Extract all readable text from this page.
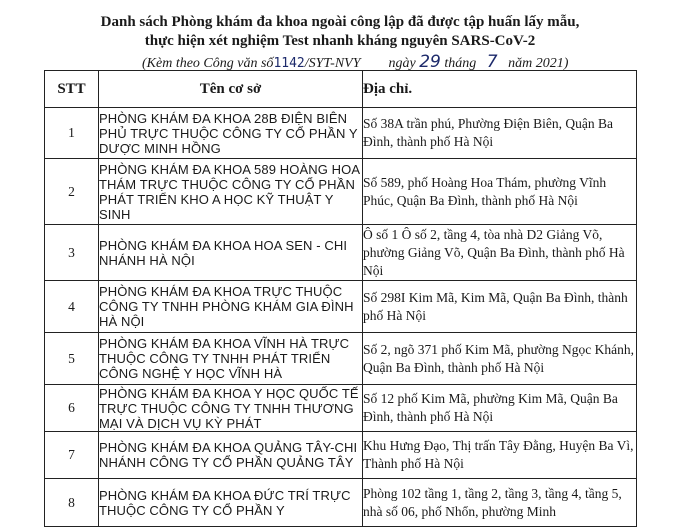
Danh sách Phòng khám đa khoa ngoài công lập đã được tập huấn lấy mẫu,
thực hiện xét nghiệm Test nhanh kháng nguyên SARS-CoV-2
(Kèm theo Công văn số1142/SYT-NVY ngày 29 tháng 7 năm 2021)
STT	Tên cơ sở	Địa chỉ.
1	PHÒNG KHÁM ĐA KHOA 28B ĐIỆN BIÊN PHỦ TRỰC THUỘC CÔNG TY CỔ PHẦN Y DƯỢC MINH HỒNG	Số 38A trần phú, Phường Điện Biên, Quận Ba Đình, thành phố Hà Nội
2	PHÒNG KHÁM ĐA KHOA 589 HOÀNG HOA THÁM TRỰC THUỘC CÔNG TY CỔ PHẦN PHÁT TRIỂN KHO A HỌC KỸ THUẬT Y SINH	Số 589, phố Hoàng Hoa Thám, phường Vĩnh Phúc, Quận Ba Đình, thành phố Hà Nội
3	PHÒNG KHÁM ĐA KHOA HOA SEN - CHI NHÁNH HÀ NỘI	Ô số 1 Ô số 2, tầng 4, tòa nhà D2 Giảng Võ, phường Giảng Võ, Quận Ba Đình, thành phố Hà Nội
4	PHÒNG KHÁM ĐA KHOA TRỰC THUỘC CÔNG TY TNHH PHÒNG KHÁM GIA ĐÌNH HÀ NỘI	Số 298I Kim Mã, Kim Mã, Quận Ba Đình, thành phố Hà Nội
5	PHÒNG KHÁM ĐA KHOA VĨNH HÀ TRỰC THUỘC CÔNG TY TNHH PHÁT TRIỂN CÔNG NGHỆ Y HỌC VĨNH HÀ	Số 2, ngõ 371 phố Kim Mã, phường Ngọc Khánh, Quận Ba Đình, thành phố Hà Nội
6	PHÒNG KHÁM ĐA KHOA Y HỌC QUỐC TẾ TRỰC THUỘC CÔNG TY TNHH THƯƠNG MẠI VÀ DỊCH VỤ KỲ PHÁT	Số 12 phố Kim Mã, phường Kim Mã, Quận Ba Đình, thành phố Hà Nội
7	PHÒNG KHÁM ĐA KHOA QUẢNG TÂY-CHI NHÁNH CÔNG TY CỔ PHẦN QUẢNG TÂY	Khu Hưng Đạo, Thị trấn Tây Đằng, Huyện Ba Vì, Thành phố Hà Nội
8	PHÒNG KHÁM ĐA KHOA ĐỨC TRÍ TRỰC THUỘC CÔNG TY CỔ PHẦN Y	Phòng 102 tầng 1, tầng 2, tầng 3, tầng 4, tầng 5, nhà số 06, phố Nhổn, phường Minh
